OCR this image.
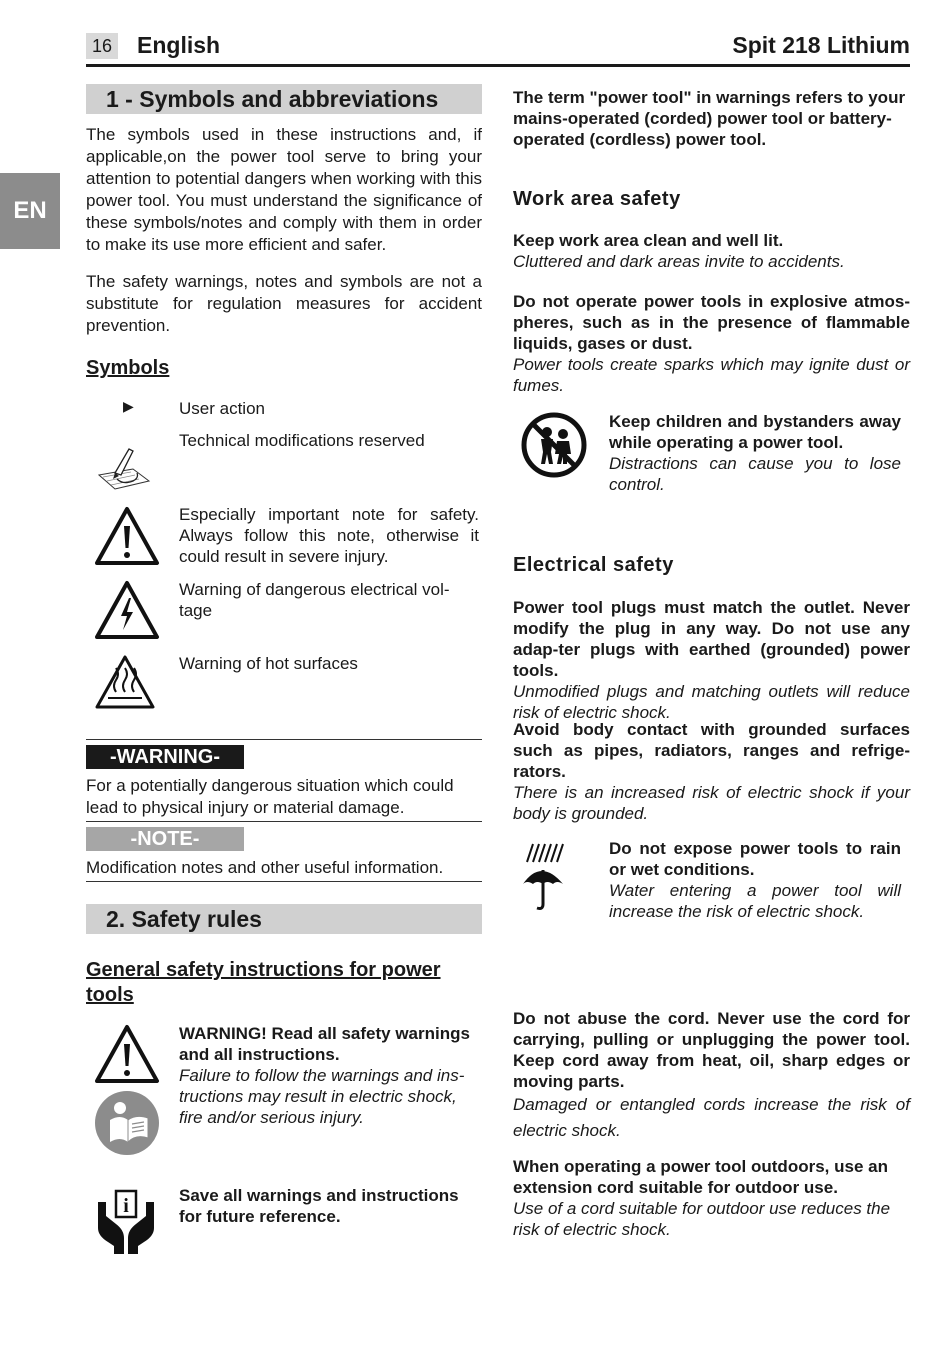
16 English	Spit 218 Lithium
EN
1 - Symbols and abbreviations
The symbols used in these instructions and, if applicable,on the power tool serve to bring your attention to potential dangers when working with this power tool. You must understand the significance of these symbols/notes and comply with them in order to make its use more efficient and safer.
The safety warnings, notes and symbols are not a substitute for regulation measures for accident prevention.
Symbols
▶	User action
Technical modifications reserved
Especially important note for safety. Always follow this note, otherwise it could result in severe injury.
Warning of dangerous electrical vol-tage
Warning of hot surfaces
-WARNING-
For a potentially dangerous situation which could lead to physical injury or material damage.
-NOTE-
Modification notes and other useful information.
2. Safety rules
General safety instructions for power tools
WARNING! Read all safety warnings and all instructions.
Failure to follow the warnings and ins-tructions may result in electric shock, fire and/or serious injury.
i	Save all warnings and instructions for future reference.
The term "power tool" in warnings refers to your mains-operated (corded) power tool or battery-operated (cordless) power tool.
Work area safety
Keep work area clean and well lit.
Cluttered and dark areas invite to accidents.
Do not operate power tools in explosive atmos-pheres, such as in the presence of flammable liquids, gases or dust.
Power tools create sparks which may ignite dust or fumes.
Keep children and bystanders away while operating a power tool.
Distractions can cause you to lose control.
Electrical safety
Power tool plugs must match the outlet. Never modify the plug in any way. Do not use any adap-ter plugs with earthed (grounded) power tools.
Unmodified plugs and matching outlets will reduce risk of electric shock.
Avoid body contact with grounded surfaces such as pipes, radiators, ranges and refrige-rators.
There is an increased risk of electric shock if your body is grounded.
Do not expose power tools to rain or wet conditions.
Water entering a power tool will increase the risk of electric shock.
Do not abuse the cord. Never use the cord for carrying, pulling or unplugging the power tool. Keep cord away from heat, oil, sharp edges or moving parts.
Damaged or entangled cords increase the risk of electric shock.
When operating a power tool outdoors, use an extension cord suitable for outdoor use.
Use of a cord suitable for outdoor use reduces the risk of electric shock.
